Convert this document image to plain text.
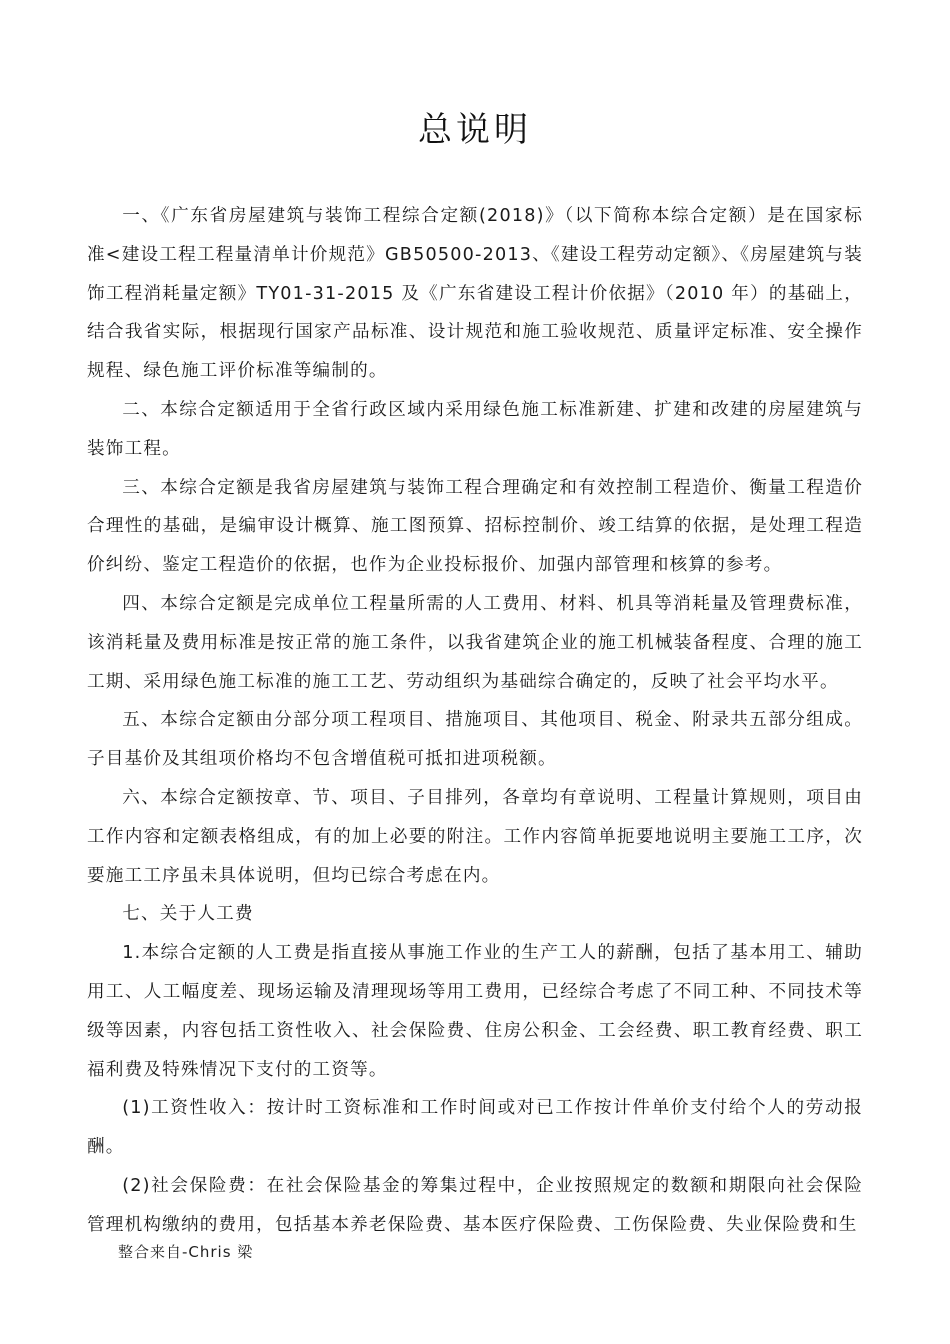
总说明

一、《广东省房屋建筑与装饰工程综合定额(2018)》（以下简称本综合定额）是在国家标准<建设工程工程量清单计价规范》GB50500-2013、《建设工程劳动定额》、《房屋建筑与装饰工程消耗量定额》TY01-31-2015 及《广东省建设工程计价依据》（2010 年）的基础上，结合我省实际，根据现行国家产品标准、设计规范和施工验收规范、质量评定标准、安全操作规程、绿色施工评价标准等编制的。

二、本综合定额适用于全省行政区域内采用绿色施工标准新建、扩建和改建的房屋建筑与装饰工程。

三、本综合定额是我省房屋建筑与装饰工程合理确定和有效控制工程造价、衡量工程造价合理性的基础，是编审设计概算、施工图预算、招标控制价、竣工结算的依据，是处理工程造价纠纷、鉴定工程造价的依据，也作为企业投标报价、加强内部管理和核算的参考。

四、本综合定额是完成单位工程量所需的人工费用、材料、机具等消耗量及管理费标准，该消耗量及费用标准是按正常的施工条件，以我省建筑企业的施工机械装备程度、合理的施工工期、采用绿色施工标准的施工工艺、劳动组织为基础综合确定的，反映了社会平均水平。

五、本综合定额由分部分项工程项目、措施项目、其他项目、税金、附录共五部分组成。子目基价及其组项价格均不包含增值税可抵扣进项税额。

六、本综合定额按章、节、项目、子目排列，各章均有章说明、工程量计算规则，项目由工作内容和定额表格组成，有的加上必要的附注。工作内容简单扼要地说明主要施工工序，次要施工工序虽未具体说明，但均已综合考虑在内。

七、关于人工费

1.本综合定额的人工费是指直接从事施工作业的生产工人的薪酬，包括了基本用工、辅助用工、人工幅度差、现场运输及清理现场等用工费用，已经综合考虑了不同工种、不同技术等级等因素，内容包括工资性收入、社会保险费、住房公积金、工会经费、职工教育经费、职工福利费及特殊情况下支付的工资等。

(1)工资性收入：按计时工资标准和工作时间或对已工作按计件单价支付给个人的劳动报酬。

(2)社会保险费：在社会保险基金的筹集过程中，企业按照规定的数额和期限向社会保险管理机构缴纳的费用，包括基本养老保险费、基本医疗保险费、工伤保险费、失业保险费和生

整合来自-Chris 梁
